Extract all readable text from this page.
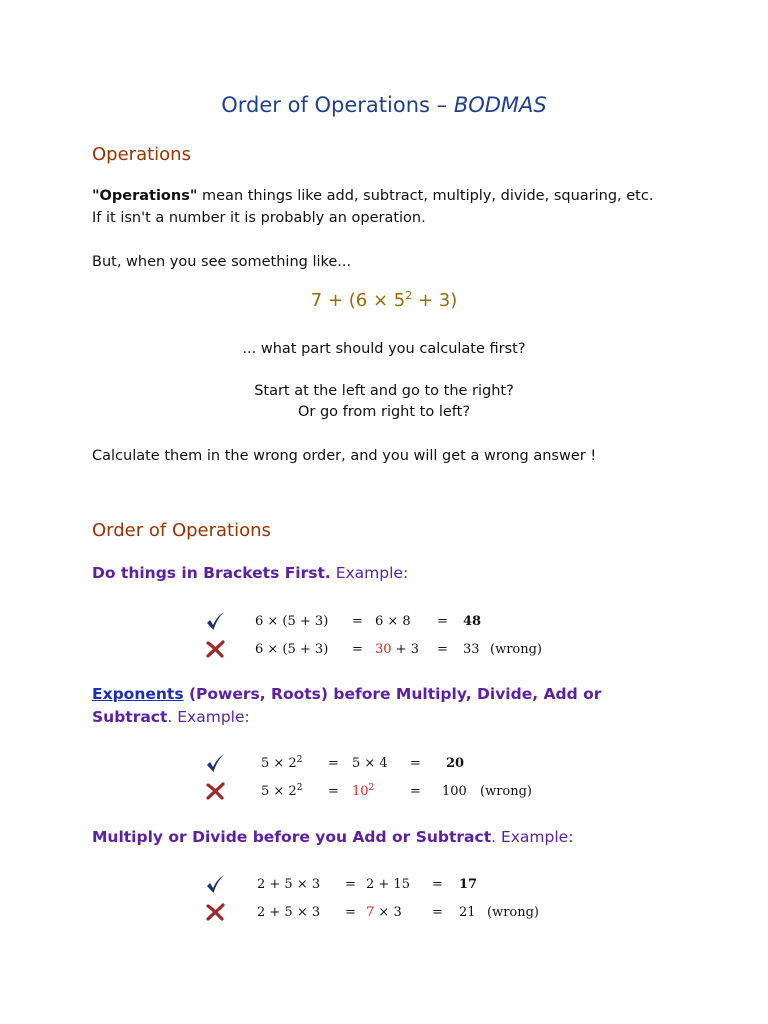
Order of Operations – BODMAS
Operations
"Operations" mean things like add, subtract, multiply, divide, squaring, etc.
If it isn't a number it is probably an operation.
But, when you see something like...
$7 + (6 \times 5^2 + 3)$
... what part should you calculate first?
Start at the left and go to the right?
Or go from right to left?
Calculate them in the wrong order, and you will get a wrong answer !
Order of Operations
Do things in Brackets First. Example:
6 × (5 + 3) = 6 × 8 = 48
6 × (5 + 3) = 30 + 3 = 33 (wrong)
Exponents (Powers, Roots) before Multiply, Divide, Add or Subtract. Example:
$5 \times 2^2 = 5 \times 4 = 20$
$5 \times 2^2 = 10^2$	= 100 (wrong)
Multiply or Divide before you Add or Subtract. Example:
2 + 5 × 3 = 2 + 15 = 17
2 + 5 × 3 = 7 × 3 = 21 (wrong)
